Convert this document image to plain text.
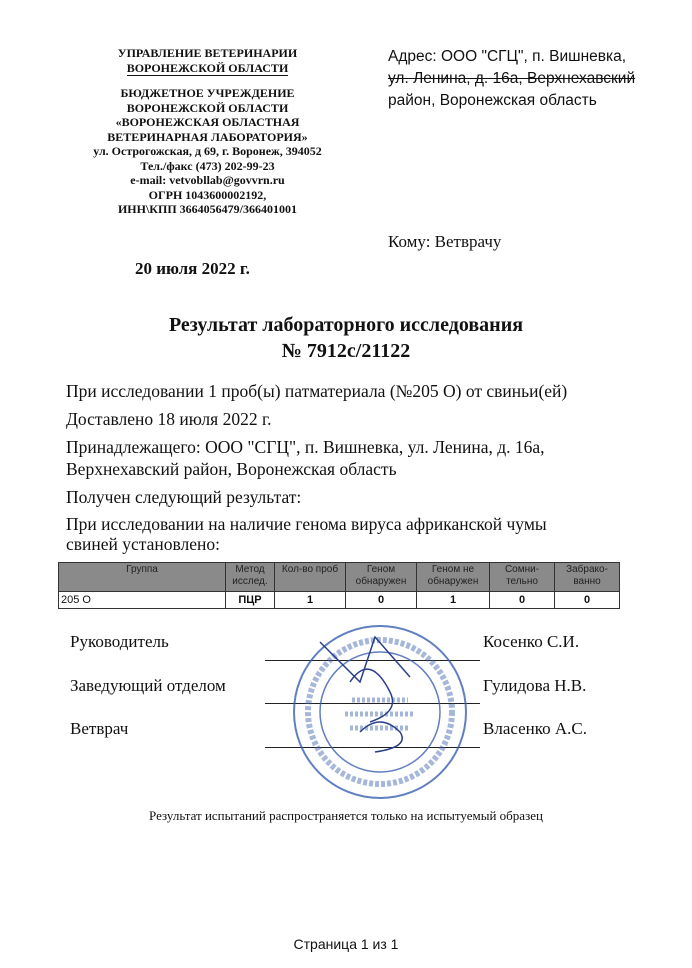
УПРАВЛЕНИЕ ВЕТЕРИНАРИИ
ВОРОНЕЖСКОЙ ОБЛАСТИ
БЮДЖЕТНОЕ УЧРЕЖДЕНИЕ
ВОРОНЕЖСКОЙ ОБЛАСТИ
«ВОРОНЕЖСКАЯ ОБЛАСТНАЯ
ВЕТЕРИНАРНАЯ ЛАБОРАТОРИЯ»
ул. Острогожская, д 69, г. Воронеж, 394052
Тел./факс (473) 202-99-23
e-mail: vetvobllab@govvrn.ru
ОГРН 1043600002192,
ИНН\КПП 3664056479/366401001
Адрес: ООО "СГЦ", п. Вишневка,
ул. Ленина, д. 16а, Верхнехавский
район, Воронежская область
Кому: Ветврачу
20 июля 2022 г.
Результат лабораторного исследования
№ 7912с/21122

При исследовании 1 проб(ы) патматериала (№205 О) от свиньи(ей)

Доставлено 18 июля 2022 г.

Принадлежащего: ООО "СГЦ", п. Вишневка, ул. Ленина, д. 16а,
Верхнехавский район, Воронежская область

Получен следующий результат:

При исследовании на наличие генома вируса африканской чумы
свиней установлено:

Группа	Метод исслед.	Кол-во проб	Геном обнаружен	Геном не обнаружен	Сомни-тельно	Забрако-ванно
205 О	ПЦР	1	0	1	0	0
Руководитель	Косенко С.И.
Заведующий отделом	Гулидова Н.В.
Ветврач	Власенко А.С.
Результат испытаний распространяется только на испытуемый образец
Страница 1 из 1
